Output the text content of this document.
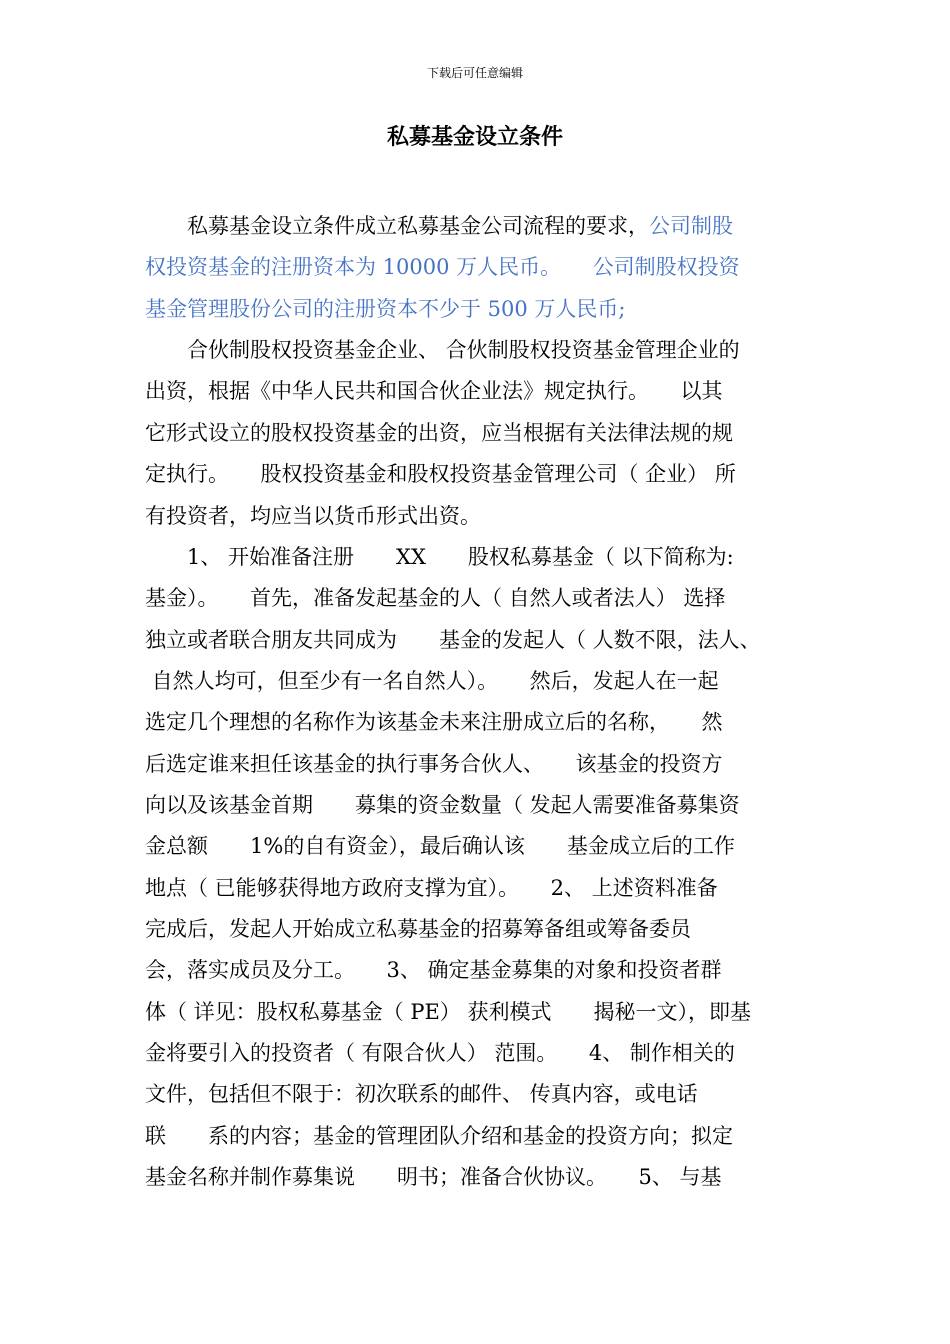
下载后可任意编辑
私募基金设立条件

　　私募基金设立条件成立私募基金公司流程的要求，公司制股

权投资基金的注册资本为 10000 万人民币。　　公司制股权投资

基金管理股份公司的注册资本不少于 500 万人民币;

　　合伙制股权投资基金企业、 合伙制股权投资基金管理企业的

出资，根据《中华人民共和国合伙企业法》规定执行。　　以其

它形式设立的股权投资基金的出资，应当根据有关法律法规的规

定执行。　　股权投资基金和股权投资基金管理公司（ 企业） 所

有投资者，均应当以货币形式出资。

　　1、 开始准备注册　　XX　　股权私募基金（ 以下简称为:

基金）。　　首先，准备发起基金的人（ 自然人或者法人） 选择

独立或者联合朋友共同成为　　基金的发起人（ 人数不限，法人、

自然人均可，但至少有一名自然人）。　　然后，发起人在一起

选定几个理想的名称作为该基金未来注册成立后的名称，　　然

后选定谁来担任该基金的执行事务合伙人、　　该基金的投资方

向以及该基金首期　　募集的资金数量（ 发起人需要准备募集资

金总额　　1%的自有资金），最后确认该　　基金成立后的工作

地点（ 已能够获得地方政府支撑为宜）。　　2、 上述资料准备

完成后，发起人开始成立私募基金的招募筹备组或筹备委员

会，落实成员及分工。　　3、 确定基金募集的对象和投资者群

体（ 详见：股权私募基金（ PE） 获利模式　　揭秘一文），即基

金将要引入的投资者（ 有限合伙人） 范围。　　4、 制作相关的

文件，包括但不限于：初次联系的邮件、 传真内容，或电话

联　　系的内容；基金的管理团队介绍和基金的投资方向；拟定

基金名称并制作募集说　　明书；准备合伙协议。　　5、 与基
